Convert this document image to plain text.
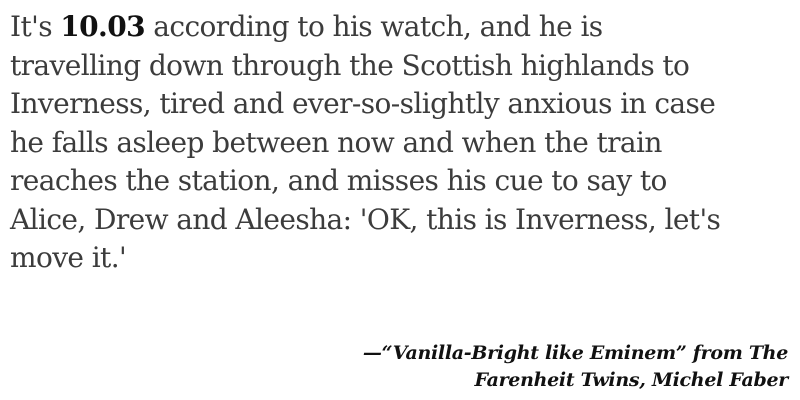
It's 10.03 according to his watch, and he is
travelling down through the Scottish highlands to
Inverness, tired and ever-so-slightly anxious in case
he falls asleep between now and when the train
reaches the station, and misses his cue to say to
Alice, Drew and Aleesha: 'OK, this is Inverness, let's
move it.'
—“Vanilla-Bright like Eminem” from The
Farenheit Twins, Michel Faber
